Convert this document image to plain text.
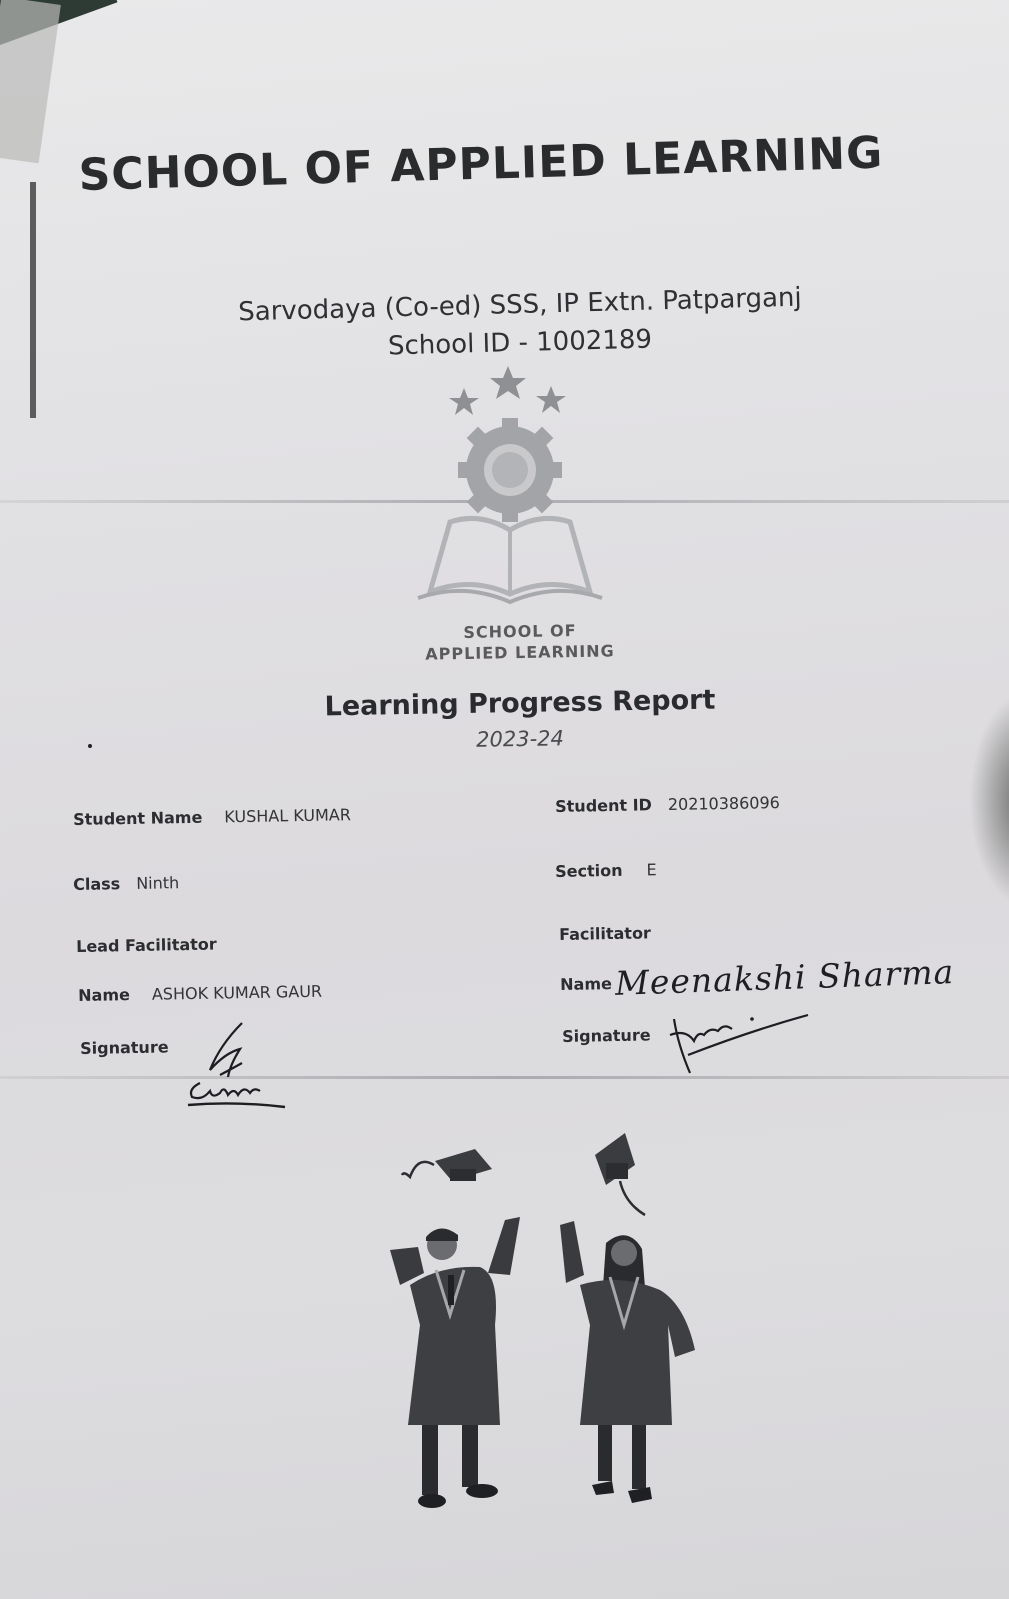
SCHOOL OF APPLIED LEARNING
Sarvodaya (Co-ed) SSS, IP Extn. Patparganj
School ID - 1002189
SCHOOL OF
APPLIED LEARNING
Learning Progress Report
2023-24
Student Name KUSHAL KUMAR	Student ID 20210386096
Class Ninth
Section E
Lead Facilitator
Name ASHOK KUMAR GAUR
Signature
Facilitator
Name Meenakshi Sharma
Signature
